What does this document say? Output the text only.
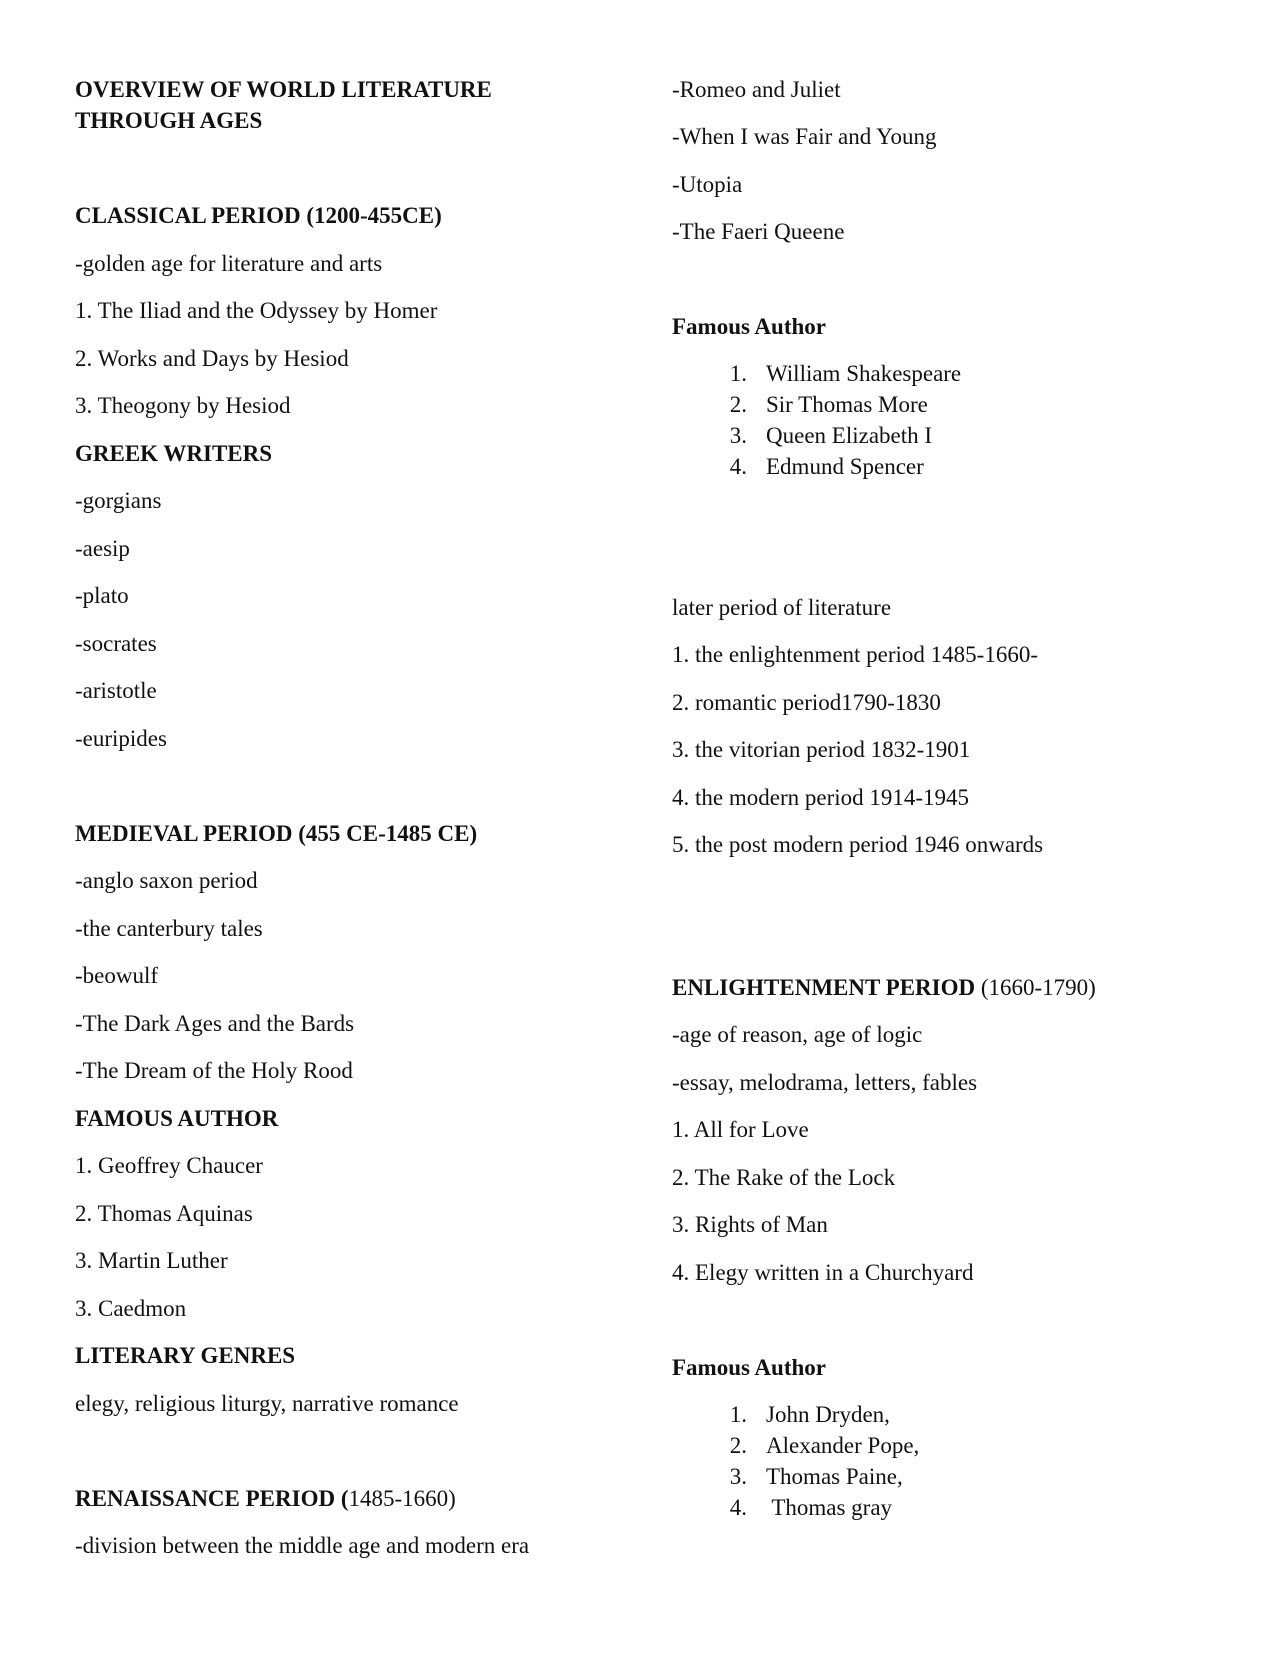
OVERVIEW OF WORLD LITERATURE
THROUGH AGES
CLASSICAL PERIOD (1200-455CE)
-golden age for literature and arts
1. The Iliad and the Odyssey by Homer
2. Works and Days by Hesiod
3. Theogony by Hesiod
GREEK WRITERS
-gorgians
-aesip
-plato
-socrates
-aristotle
-euripides
MEDIEVAL PERIOD (455 CE-1485 CE)
-anglo saxon period
-the canterbury tales
-beowulf
-The Dark Ages and the Bards
-The Dream of the Holy Rood
FAMOUS AUTHOR
1. Geoffrey Chaucer
2. Thomas Aquinas
3. Martin Luther
3. Caedmon
LITERARY GENRES
elegy, religious liturgy, narrative romance
RENAISSANCE PERIOD (1485-1660)
-division between the middle age and modern era
-Romeo and Juliet
-When I was Fair and Young
-Utopia
-The Faeri Queene
Famous Author
1. William Shakespeare
2. Sir Thomas More
3. Queen Elizabeth I
4. Edmund Spencer
later period of literature
1. the enlightenment period 1485-1660-
2. romantic period1790-1830
3. the vitorian period 1832-1901
4. the modern period 1914-1945
5. the post modern period 1946 onwards
ENLIGHTENMENT PERIOD (1660-1790)
-age of reason, age of logic
-essay, melodrama, letters, fables
1. All for Love
2. The Rake of the Lock
3. Rights of Man
4. Elegy written in a Churchyard
Famous Author
1. John Dryden,
2. Alexander Pope,
3. Thomas Paine,
4. Thomas gray
